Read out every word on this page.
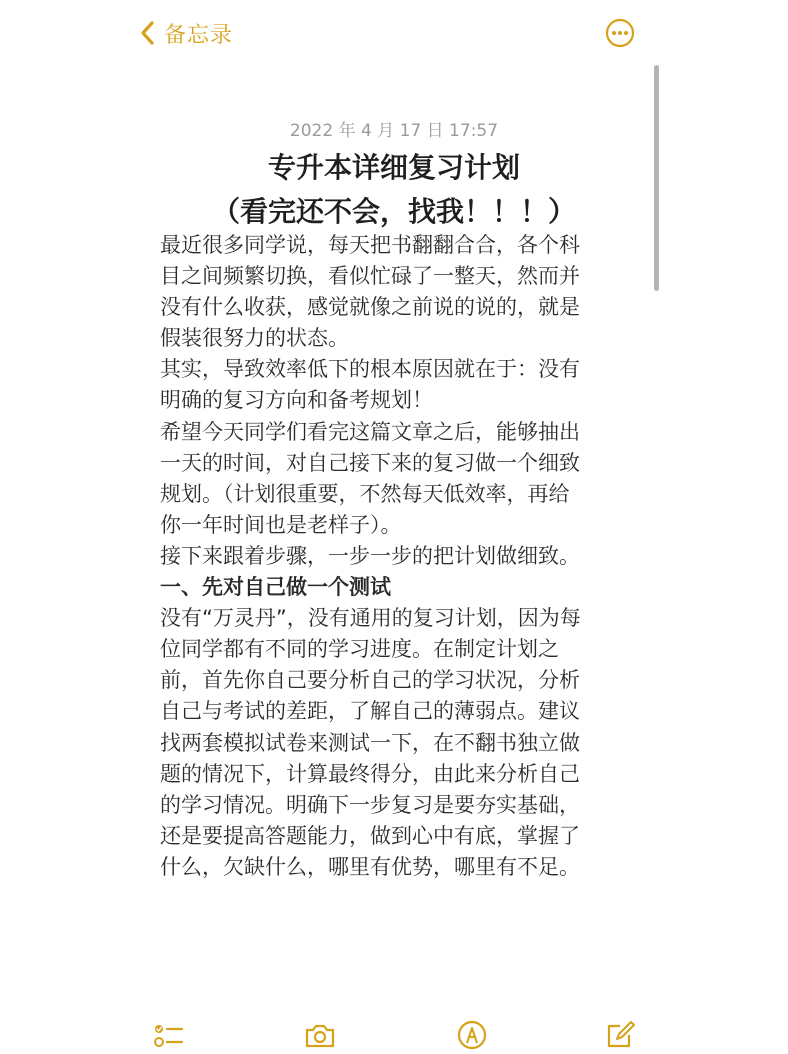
备忘录
2022 年 4 月 17 日 17:57
专升本详细复习计划
（看完还不会，找我！！！）

最近很多同学说，每天把书翻翻合合，各个科
目之间频繁切换，看似忙碌了一整天，然而并
没有什么收获，感觉就像之前说的说的，就是
假装很努力的状态。

其实，导致效率低下的根本原因就在于：没有
明确的复习方向和备考规划！

希望今天同学们看完这篇文章之后，能够抽出
一天的时间，对自己接下来的复习做一个细致
规划。（计划很重要，不然每天低效率，再给
你一年时间也是老样子）。

接下来跟着步骤，一步一步的把计划做细致。

一、先对自己做一个测试

没有“万灵丹”，没有通用的复习计划，因为每
位同学都有不同的学习进度。在制定计划之
前，首先你自己要分析自己的学习状况，分析
自己与考试的差距，了解自己的薄弱点。建议
找两套模拟试卷来测试一下，在不翻书独立做
题的情况下，计算最终得分，由此来分析自己
的学习情况。明确下一步复习是要夯实基础，
还是要提高答题能力，做到心中有底，掌握了
什么，欠缺什么，哪里有优势，哪里有不足。
